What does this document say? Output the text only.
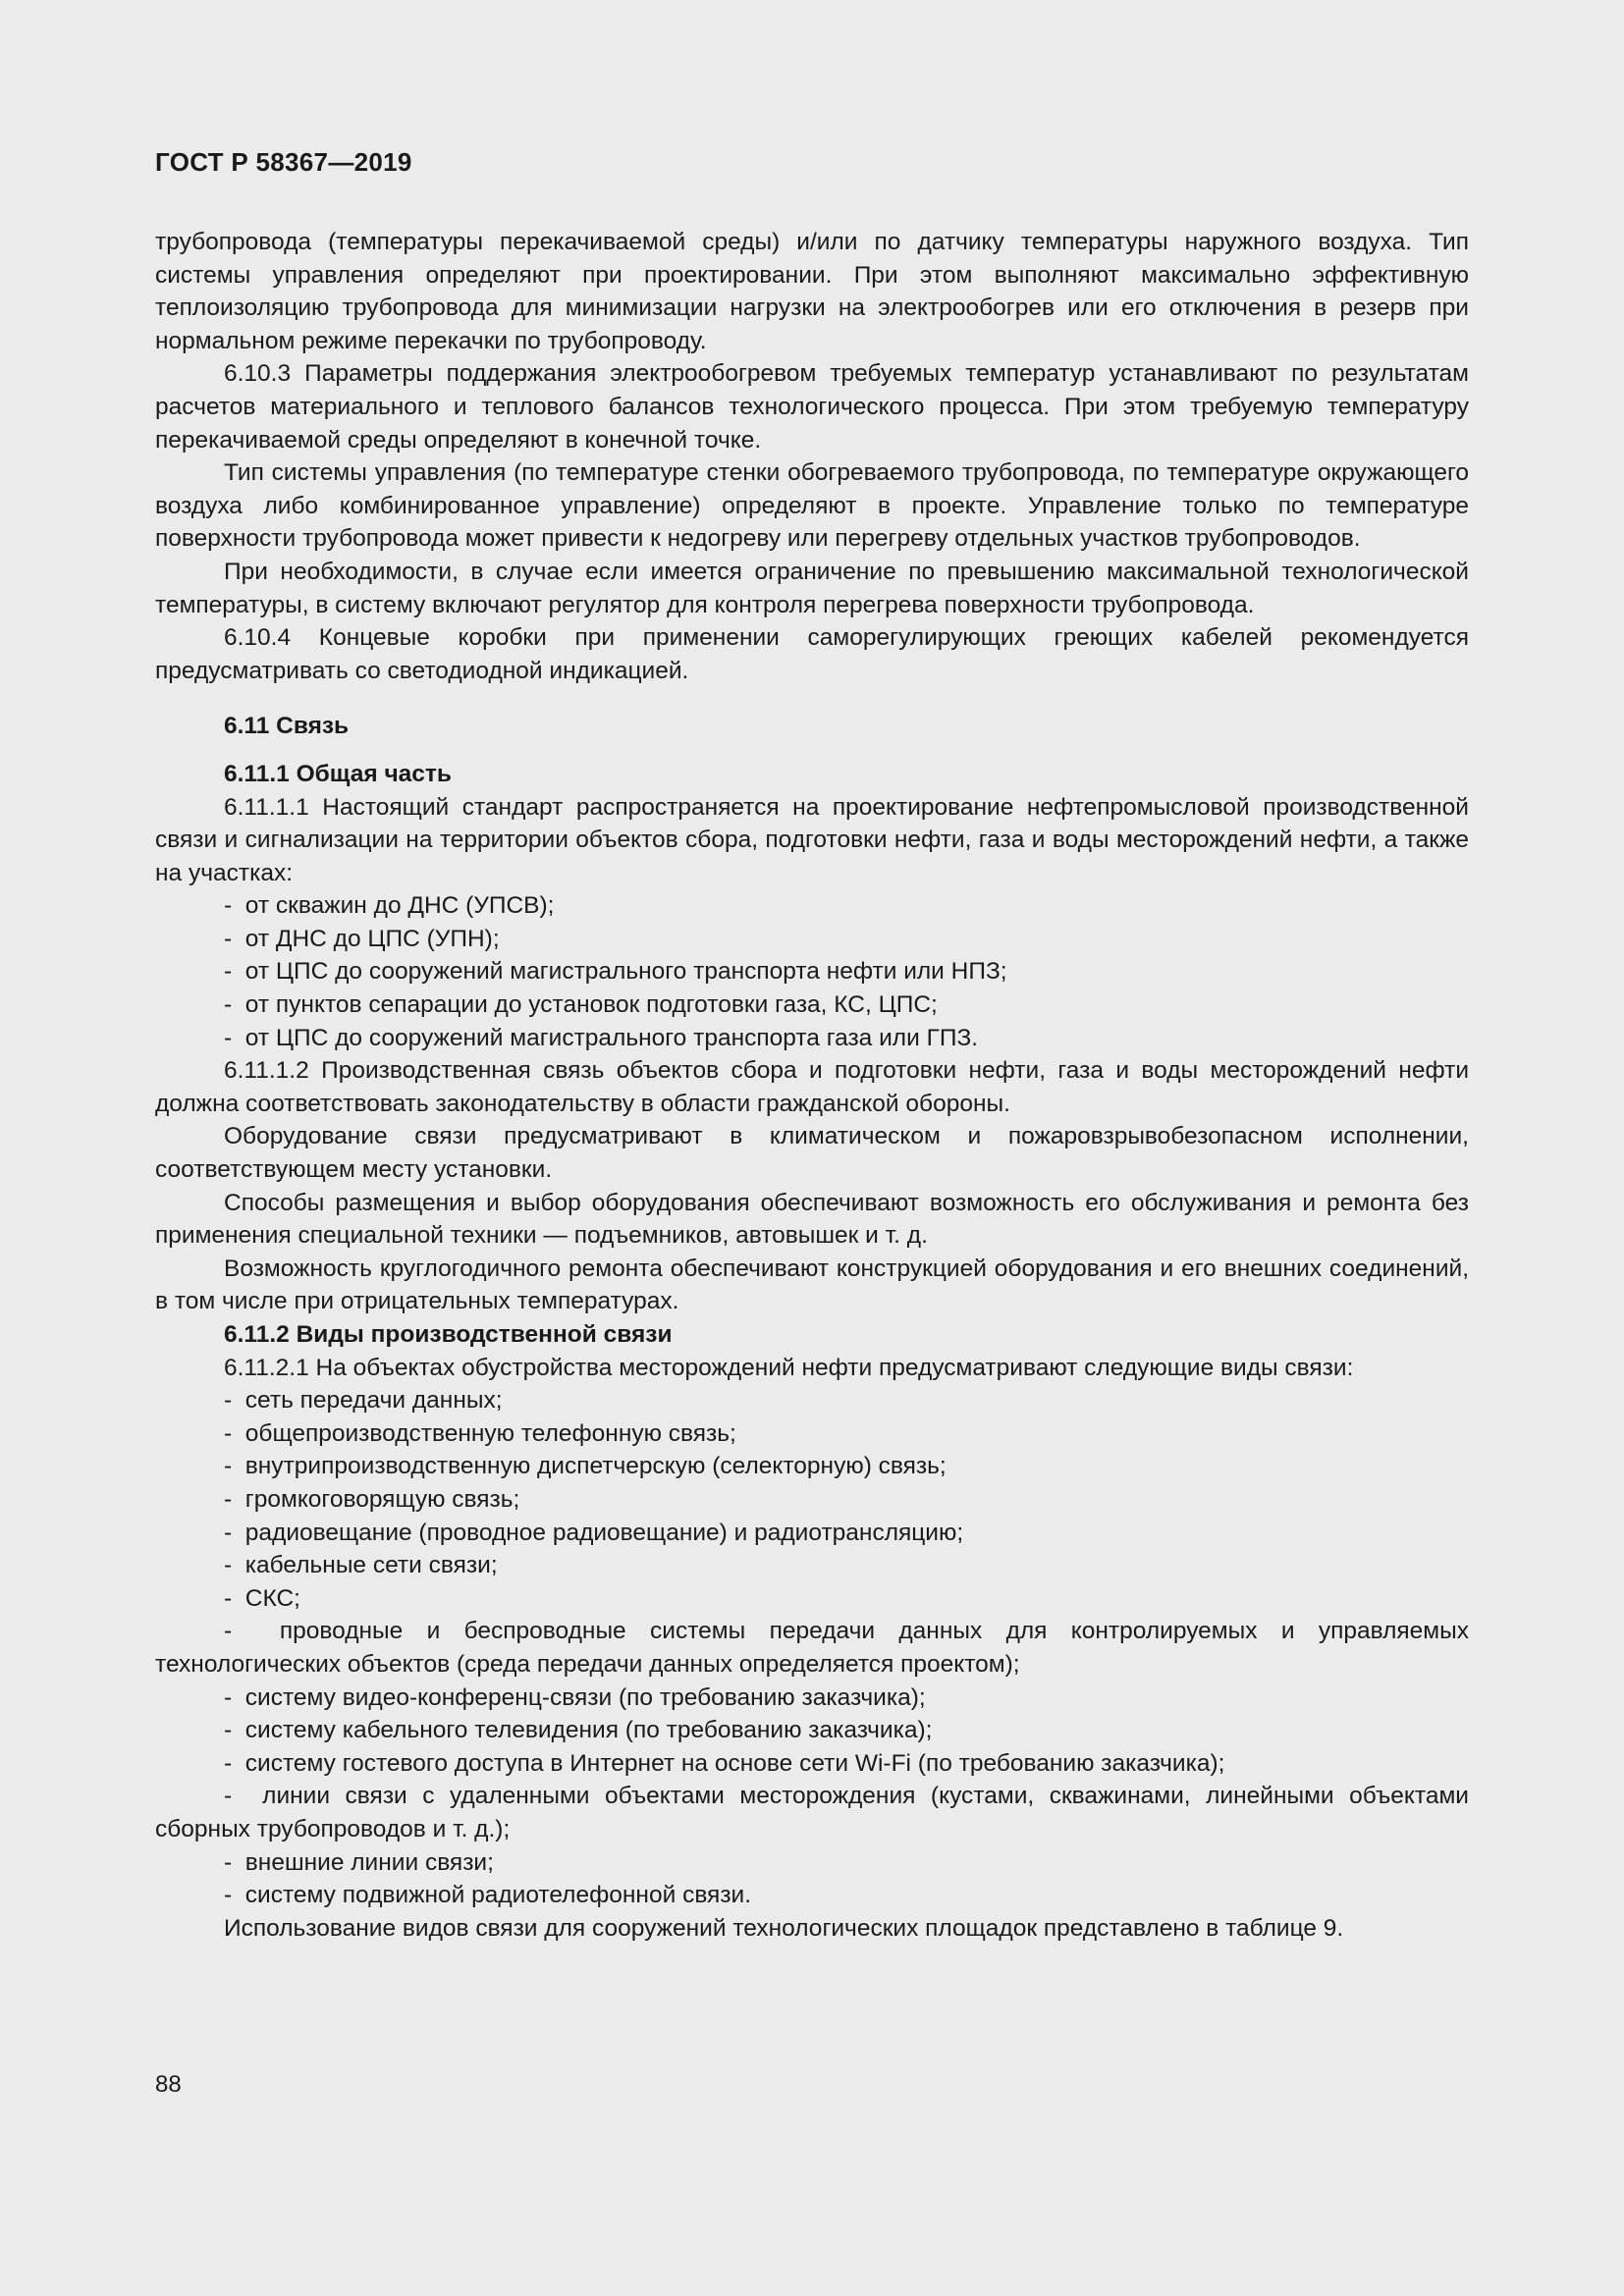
ГОСТ Р 58367—2019

трубопровода (температуры перекачиваемой среды) и/или по датчику температуры наружного воздуха. Тип системы управления определяют при проектировании. При этом выполняют максимально эффективную теплоизоляцию трубопровода для минимизации нагрузки на электрообогрев или его отключения в резерв при нормальном режиме перекачки по трубопроводу.

6.10.3 Параметры поддержания электрообогревом требуемых температур устанавливают по результатам расчетов материального и теплового балансов технологического процесса. При этом требуемую температуру перекачиваемой среды определяют в конечной точке.

Тип системы управления (по температуре стенки обогреваемого трубопровода, по температуре окружающего воздуха либо комбинированное управление) определяют в проекте. Управление только по температуре поверхности трубопровода может привести к недогреву или перегреву отдельных участков трубопроводов.

При необходимости, в случае если имеется ограничение по превышению максимальной технологической температуры, в систему включают регулятор для контроля перегрева поверхности трубопровода.

6.10.4 Концевые коробки при применении саморегулирующих греющих кабелей рекомендуется предусматривать со светодиодной индикацией.

6.11 Связь

6.11.1 Общая часть

6.11.1.1 Настоящий стандарт распространяется на проектирование нефтепромысловой производственной связи и сигнализации на территории объектов сбора, подготовки нефти, газа и воды месторождений нефти, а также на участках:

-  от скважин до ДНС (УПСВ);

-  от ДНС до ЦПС (УПН);

-  от ЦПС до сооружений магистрального транспорта нефти или НПЗ;

-  от пунктов сепарации до установок подготовки газа, КС, ЦПС;

-  от ЦПС до сооружений магистрального транспорта газа или ГПЗ.

6.11.1.2 Производственная связь объектов сбора и подготовки нефти, газа и воды месторождений нефти должна соответствовать законодательству в области гражданской обороны.

Оборудование связи предусматривают в климатическом и пожаровзрывобезопасном исполнении, соответствующем месту установки.

Способы размещения и выбор оборудования обеспечивают возможность его обслуживания и ремонта без применения специальной техники — подъемников, автовышек и т. д.

Возможность круглогодичного ремонта обеспечивают конструкцией оборудования и его внешних соединений, в том числе при отрицательных температурах.

6.11.2 Виды производственной связи

6.11.2.1 На объектах обустройства месторождений нефти предусматривают следующие виды связи:

-  сеть передачи данных;

-  общепроизводственную телефонную связь;

-  внутрипроизводственную диспетчерскую (селекторную) связь;

-  громкоговорящую связь;

-  радиовещание (проводное радиовещание) и радиотрансляцию;

-  кабельные сети связи;

-  СКС;

-  проводные и беспроводные системы передачи данных для контролируемых и управляемых технологических объектов (среда передачи данных определяется проектом);

-  систему видео-конференц-связи (по требованию заказчика);

-  систему кабельного телевидения (по требованию заказчика);

-  систему гостевого доступа в Интернет на основе сети Wi-Fi (по требованию заказчика);

-  линии связи с удаленными объектами месторождения (кустами, скважинами, линейными объектами сборных трубопроводов и т. д.);

-  внешние линии связи;

-  систему подвижной радиотелефонной связи.

Использование видов связи для сооружений технологических площадок представлено в таблице 9.

88
